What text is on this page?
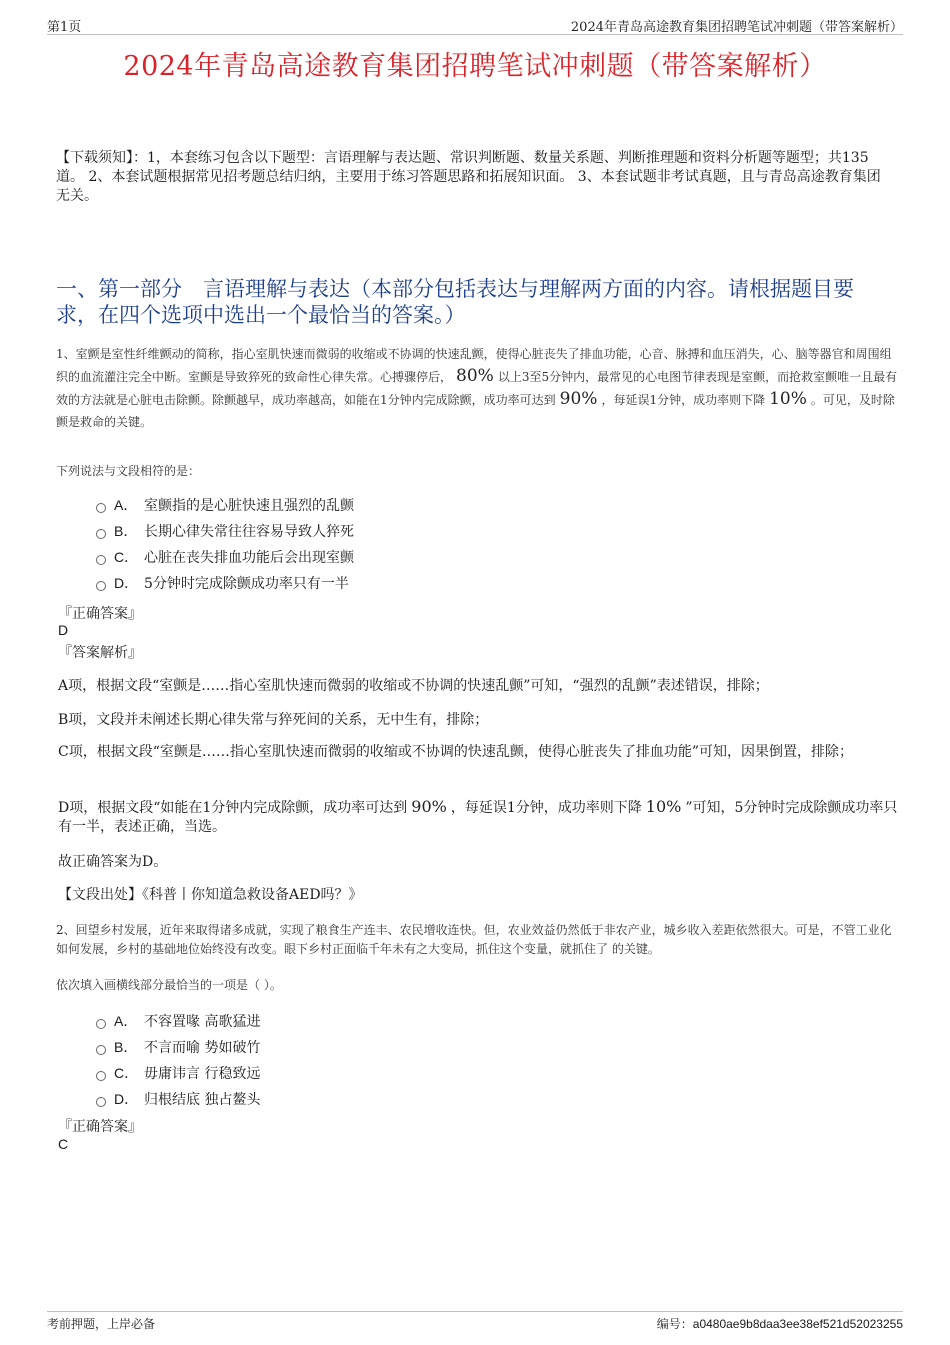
第1页	2024年青岛高途教育集团招聘笔试冲刺题（带答案解析）
2024年青岛高途教育集团招聘笔试冲刺题（带答案解析）
【下载须知】：1，本套练习包含以下题型：言语理解与表达题、常识判断题、数量关系题、判断推理题和资料分析题等题型；共135道。 2、本套试题根据常见招考题总结归纳，主要用于练习答题思路和拓展知识面。 3、本套试题非考试真题，且与青岛高途教育集团无关。
一、第一部分　言语理解与表达（本部分包括表达与理解两方面的内容。请根据题目要求，在四个选项中选出一个最恰当的答案。）
1、室颤是室性纤维颤动的简称，指心室肌快速而微弱的收缩或不协调的快速乱颤，使得心脏丧失了排血功能，心音、脉搏和血压消失，心、脑等器官和周围组织的血流灌注完全中断。室颤是导致猝死的致命性心律失常。心搏骤停后， 80% 以上3至5分钟内，最常见的心电图节律表现是室颤，而抢救室颤唯一且最有效的方法就是心脏电击除颤。除颤越早，成功率越高，如能在1分钟内完成除颤，成功率可达到 90% ，每延误1分钟，成功率则下降 10% 。可见，及时除颤是救命的关键。
下列说法与文段相符的是：
A． 室颤指的是心脏快速且强烈的乱颤
B． 长期心律失常往往容易导致人猝死
C． 心脏在丧失排血功能后会出现室颤
D． 5分钟时完成除颤成功率只有一半
『正确答案』
D
『答案解析』
A项，根据文段“室颤是……指心室肌快速而微弱的收缩或不协调的快速乱颤”可知，“强烈的乱颤”表述错误，排除；
B项，文段并未阐述长期心律失常与猝死间的关系，无中生有，排除；
C项，根据文段“室颤是……指心室肌快速而微弱的收缩或不协调的快速乱颤，使得心脏丧失了排血功能”可知，因果倒置，排除；
D项，根据文段“如能在1分钟内完成除颤，成功率可达到 90% ，每延误1分钟，成功率则下降 10% ”可知，5分钟时完成除颤成功率只有一半，表述正确，当选。
故正确答案为D。
【文段出处】《科普丨你知道急救设备AED吗？》
2、回望乡村发展，近年来取得诸多成就，实现了粮食生产连丰、农民增收连快。但，农业效益仍然低于非农产业，城乡收入差距依然很大。可是，不管工业化如何发展，乡村的基础地位始终没有改变。眼下乡村正面临千年未有之大变局，抓住这个变量，就抓住了 的关键。
依次填入画横线部分最恰当的一项是（ ）。
A． 不容置喙 高歌猛进
B． 不言而喻 势如破竹
C． 毋庸讳言 行稳致远
D． 归根结底 独占鳌头
『正确答案』
C
考前押题，上岸必备	编号：a0480ae9b8daa3ee38ef521d52023255
